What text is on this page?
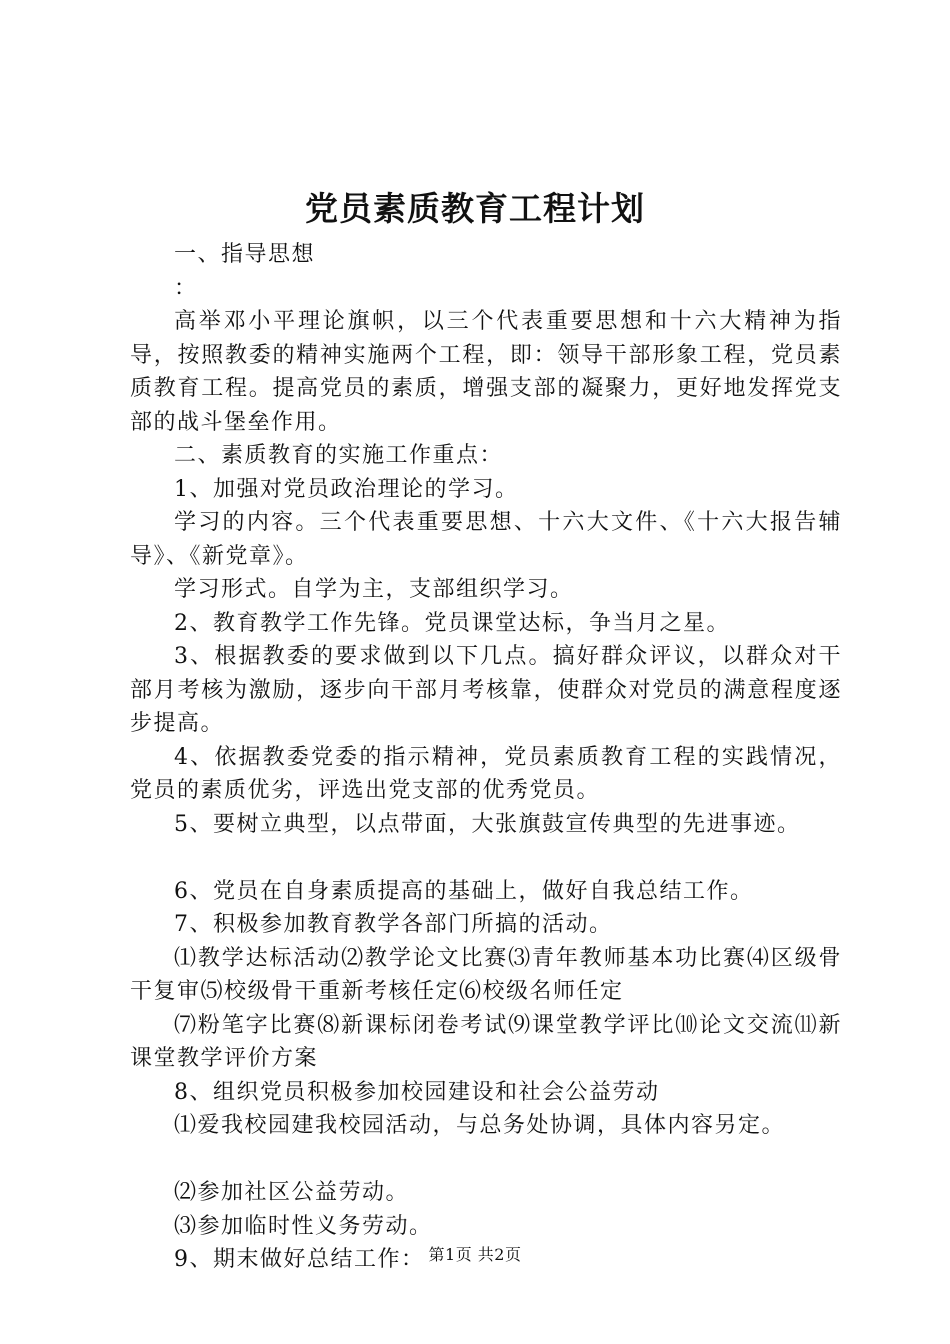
党员素质教育工程计划

一、指导思想

：

高举邓小平理论旗帜，以三个代表重要思想和十六大精神为指导，按照教委的精神实施两个工程，即：领导干部形象工程，党员素质教育工程。提高党员的素质，增强支部的凝聚力，更好地发挥党支部的战斗堡垒作用。

二、素质教育的实施工作重点：

1、加强对党员政治理论的学习。

学习的内容。三个代表重要思想、十六大文件、《十六大报告辅导》、《新党章》。

学习形式。自学为主，支部组织学习。

2、教育教学工作先锋。党员课堂达标，争当月之星。

3、根据教委的要求做到以下几点。搞好群众评议，以群众对干部月考核为激励，逐步向干部月考核靠，使群众对党员的满意程度逐步提高。

4、依据教委党委的指示精神，党员素质教育工程的实践情况，党员的素质优劣，评选出党支部的优秀党员。

5、要树立典型，以点带面，大张旗鼓宣传典型的先进事迹。

6、党员在自身素质提高的基础上，做好自我总结工作。

7、积极参加教育教学各部门所搞的活动。

⑴教学达标活动⑵教学论文比赛⑶青年教师基本功比赛⑷区级骨干复审⑸校级骨干重新考核任定⑹校级名师任定

⑺粉笔字比赛⑻新课标闭卷考试⑼课堂教学评比⑽论文交流⑾新课堂教学评价方案

8、组织党员积极参加校园建设和社会公益劳动

⑴爱我校园建我校园活动，与总务处协调，具体内容另定。

⑵参加社区公益劳动。

⑶参加临时性义务劳动。

9、期末做好总结工作： 第1页 共2页
